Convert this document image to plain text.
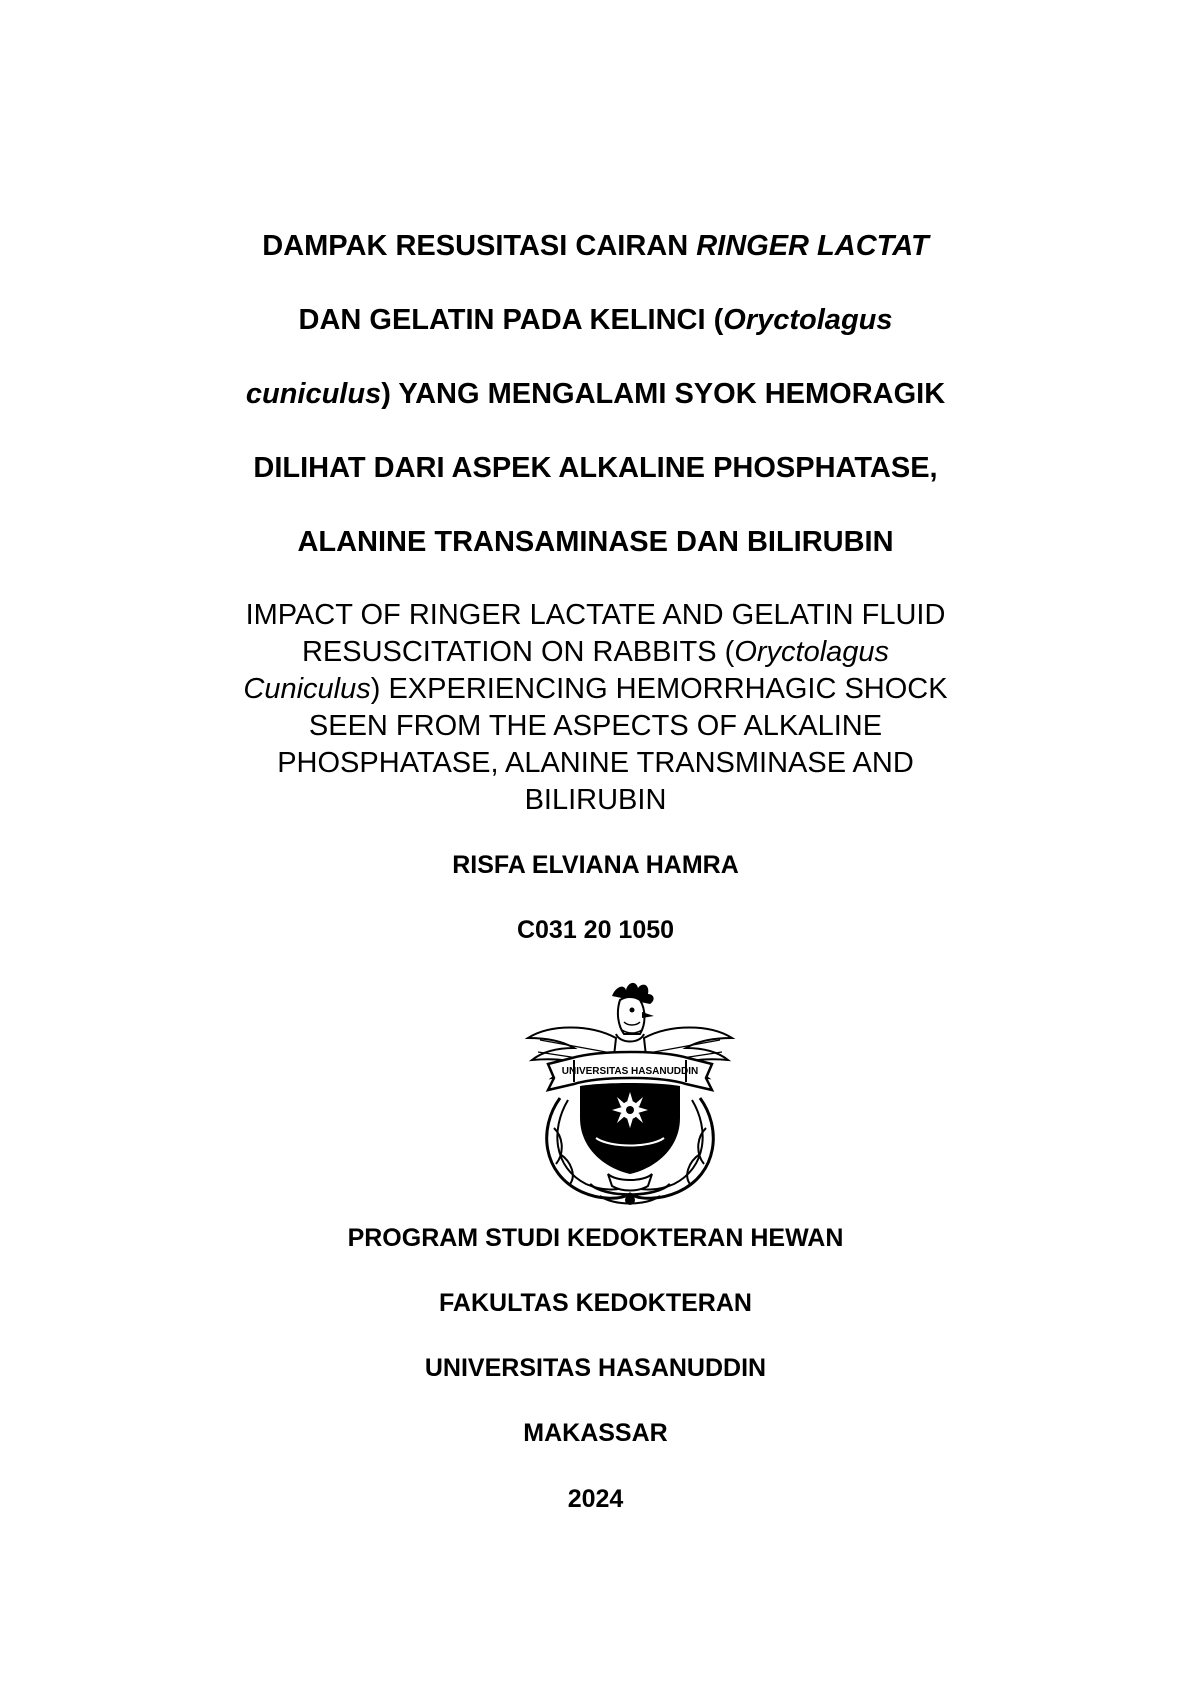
DAMPAK RESUSITASI CAIRAN RINGER LACTAT
DAN GELATIN PADA KELINCI (Oryctolagus
cuniculus) YANG MENGALAMI SYOK HEMORAGIK
DILIHAT DARI ASPEK ALKALINE PHOSPHATASE,
ALANINE TRANSAMINASE DAN BILIRUBIN
IMPACT OF RINGER LACTATE AND GELATIN FLUID
RESUSCITATION ON RABBITS (Oryctolagus
Cuniculus) EXPERIENCING HEMORRHAGIC SHOCK
SEEN FROM THE ASPECTS OF ALKALINE
PHOSPHATASE, ALANINE TRANSMINASE AND
BILIRUBIN
RISFA ELVIANA HAMRA
C031 20 1050
UNIVERSITAS HASANUDDIN
PROGRAM STUDI KEDOKTERAN HEWAN
FAKULTAS KEDOKTERAN
UNIVERSITAS HASANUDDIN
MAKASSAR
2024
